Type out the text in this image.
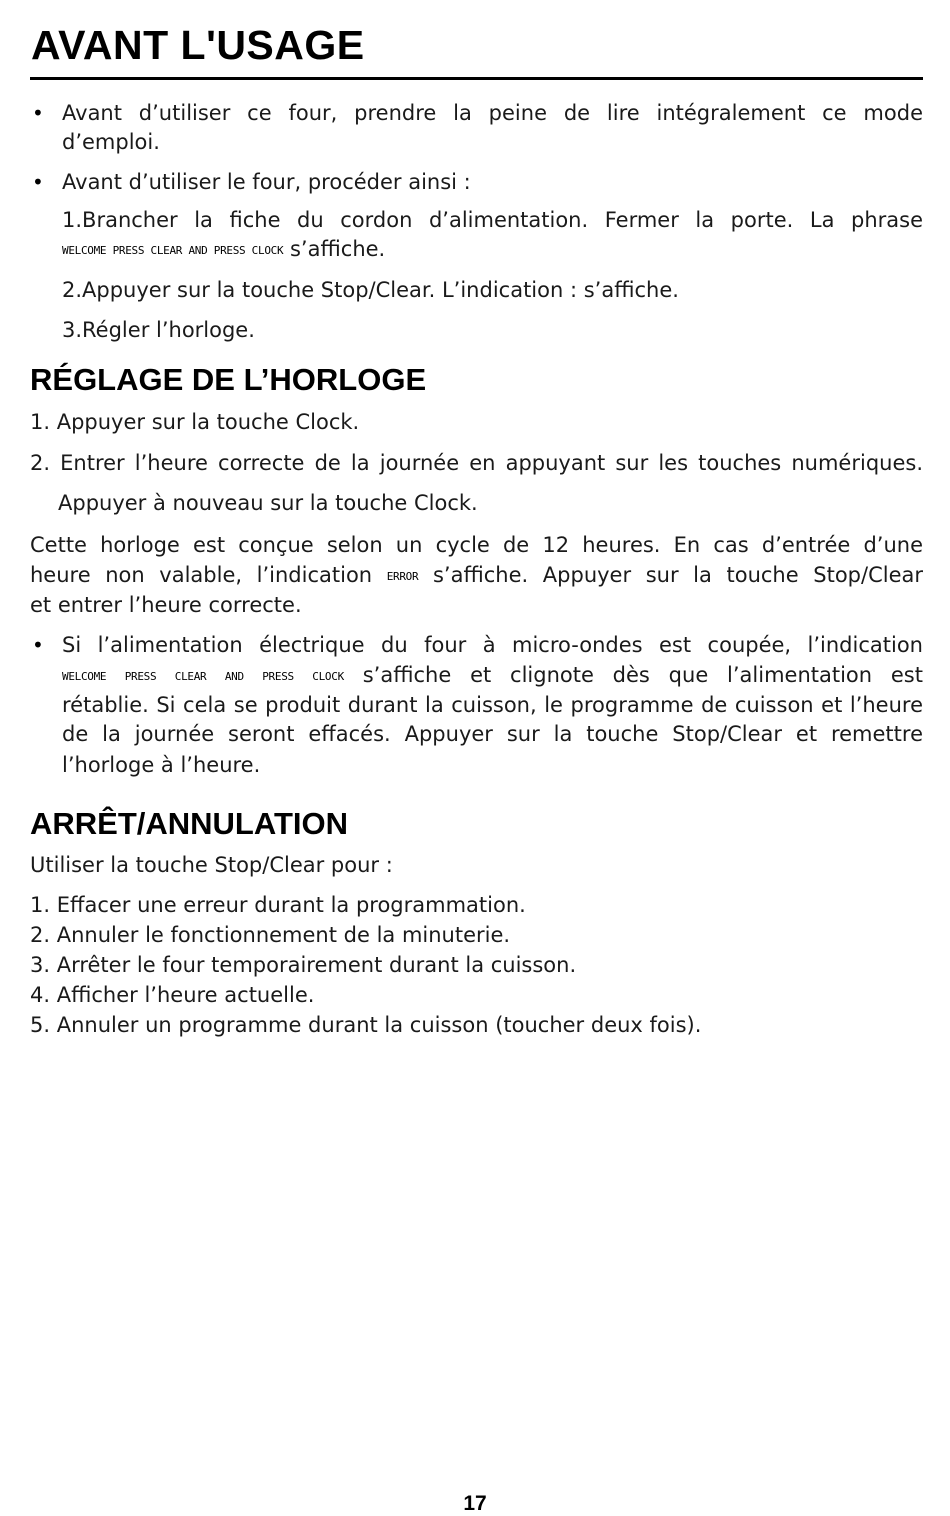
AVANT L'USAGE
• Avant d’utiliser ce four, prendre la peine de lire intégralement ce mode
d’emploi.
• Avant d’utiliser le four, procéder ainsi :
1.Brancher la fiche du cordon d’alimentation. Fermer la porte. La phrase
WELCOME PRESS CLEAR AND PRESS CLOCK s’affiche.
2.Appuyer sur la touche Stop/Clear. L’indication : s’affiche.
3.Régler l’horloge.
RÉGLAGE DE L’HORLOGE
1. Appuyer sur la touche Clock.
2. Entrer l’heure correcte de la journée en appuyant sur les touches numériques.
Appuyer à nouveau sur la touche Clock.
Cette horloge est conçue selon un cycle de 12 heures. En cas d’entrée d’une
heure non valable, l’indication ERROR s’affiche. Appuyer sur la touche Stop/Clear
et entrer l’heure correcte.
• Si l’alimentation électrique du four à micro-ondes est coupée, l’indication
WELCOME PRESS CLEAR AND PRESS CLOCK s’affiche et clignote dès que l’alimentation est
rétablie. Si cela se produit durant la cuisson, le programme de cuisson et l’heure
de la journée seront effacés. Appuyer sur la touche Stop/Clear et remettre
l’horloge à l’heure.
ARRÊT/ANNULATION
Utiliser la touche Stop/Clear pour :
1. Effacer une erreur durant la programmation.
2. Annuler le fonctionnement de la minuterie.
3. Arrêter le four temporairement durant la cuisson.
4. Afficher l’heure actuelle.
5. Annuler un programme durant la cuisson (toucher deux fois).
17
